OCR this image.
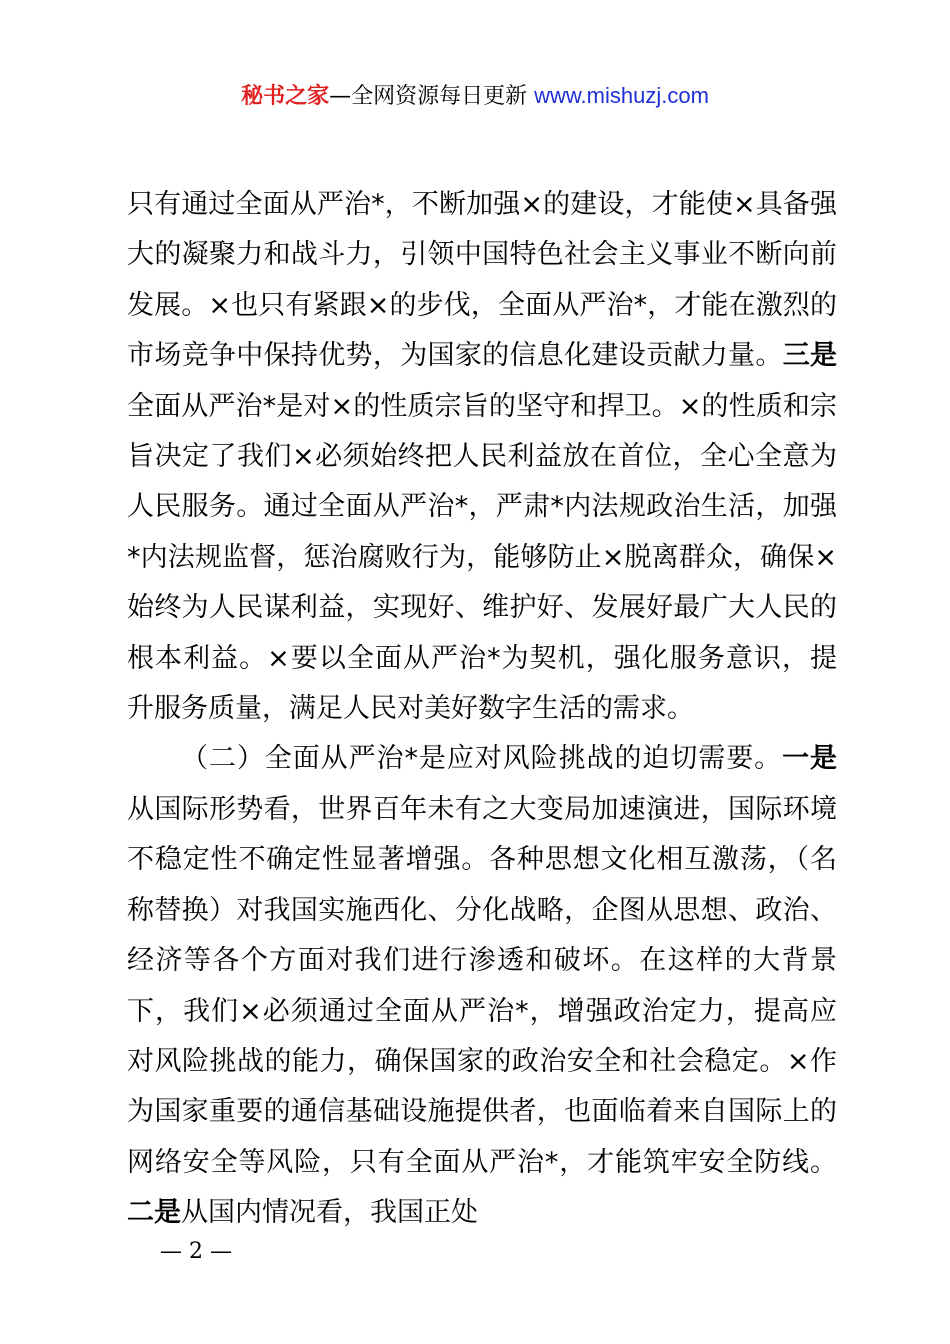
秘书之家—全网资源每日更新 www.mishuzj.com

只有通过全面从严治*，不断加强×的建设，才能使×具备强大的凝聚力和战斗力，引领中国特色社会主义事业不断向前发展。×也只有紧跟×的步伐，全面从严治*，才能在激烈的市场竞争中保持优势，为国家的信息化建设贡献力量。三是全面从严治*是对×的性质宗旨的坚守和捍卫。×的性质和宗旨决定了我们×必须始终把人民利益放在首位，全心全意为人民服务。通过全面从严治*，严肃*内法规政治生活，加强*内法规监督，惩治腐败行为，能够防止×脱离群众，确保×始终为人民谋利益，实现好、维护好、发展好最广大人民的根本利益。×要以全面从严治*为契机，强化服务意识，提升服务质量，满足人民对美好数字生活的需求。

（二）全面从严治*是应对风险挑战的迫切需要。一是从国际形势看，世界百年未有之大变局加速演进，国际环境不稳定性不确定性显著增强。各种思想文化相互激荡，（名称替换）对我国实施西化、分化战略，企图从思想、政治、经济等各个方面对我们进行渗透和破坏。在这样的大背景下，我们×必须通过全面从严治*，增强政治定力，提高应对风险挑战的能力，确保国家的政治安全和社会稳定。×作为国家重要的通信基础设施提供者，也面临着来自国际上的网络安全等风险，只有全面从严治*，才能筑牢安全防线。二是从国内情况看，我国正处

— 2 —
